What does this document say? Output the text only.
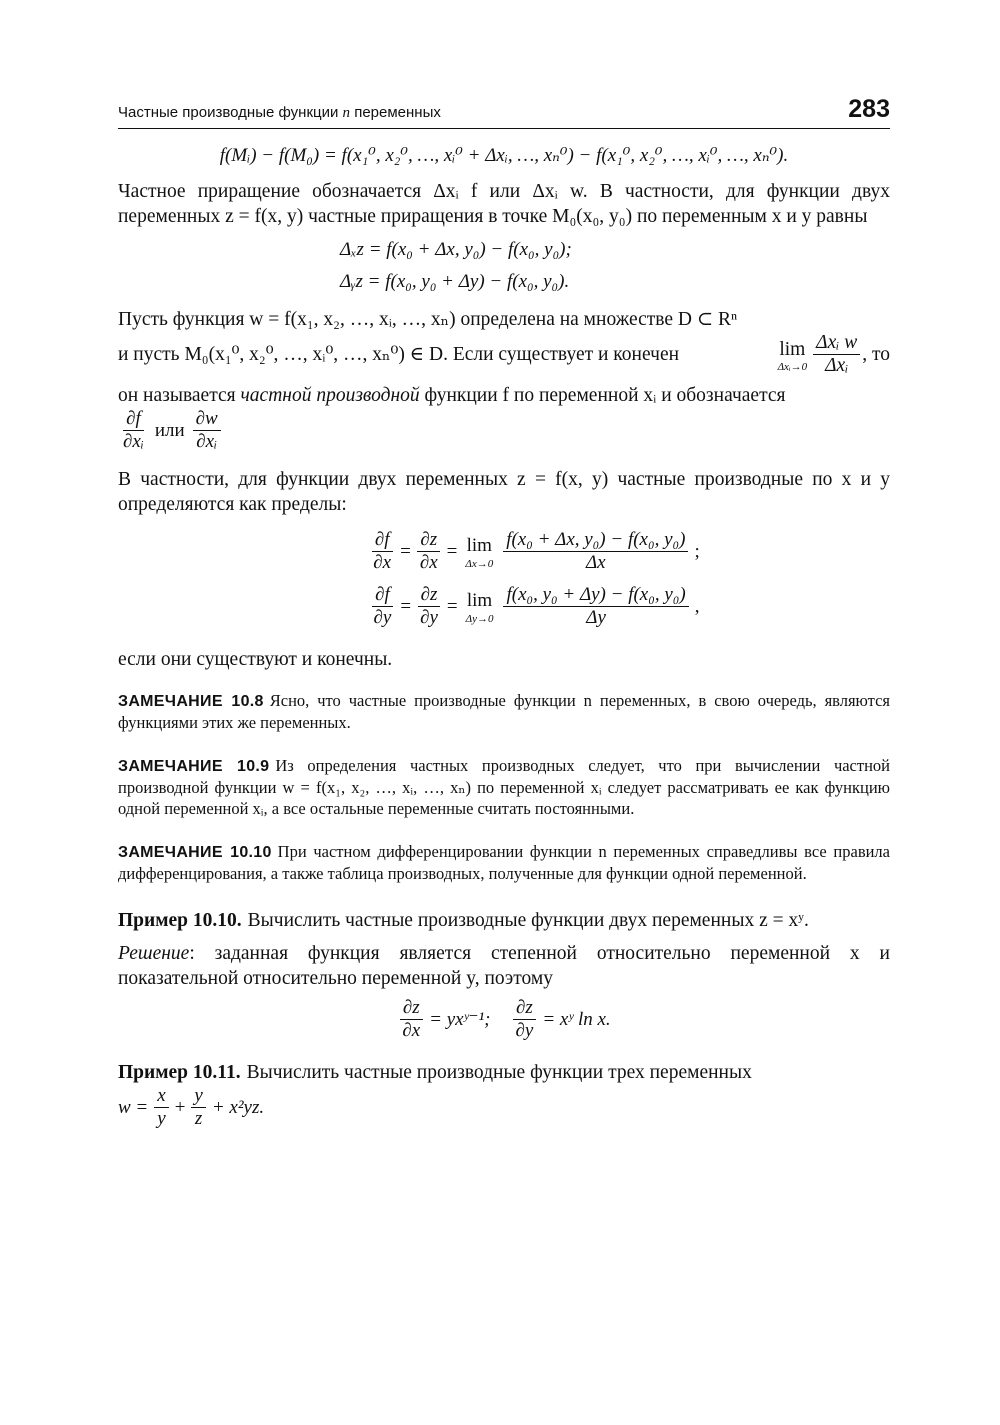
Частные производные функции n переменных	283
f(Mᵢ) − f(M₀) = f(x₁⁰, x₂⁰, …, xᵢ⁰ + Δxᵢ, …, xₙ⁰) − f(x₁⁰, x₂⁰, …, xᵢ⁰, …, xₙ⁰).

Частное приращение обозначается Δxᵢ f или Δxᵢ w. В частности, для функции двух переменных z = f(x, y) частные приращения в точке M₀(x₀, y₀) по переменным x и y равны

Δₓz = f(x₀ + Δx, y₀) − f(x₀, y₀);
Δᵧz = f(x₀, y₀ + Δy) − f(x₀, y₀).

Пусть функция w = f(x₁, x₂, …, xᵢ, …, xₙ) определена на множестве D ⊂ Rⁿ

и пусть M₀(x₁⁰, x₂⁰, …, xᵢ⁰, …, xₙ⁰) ∈ D. Если существует и конечен	lim
Δxᵢ→0 $\frac{\text{Δxᵢ w}}{\text{Δxᵢ}}$ , то

он называется частной производной функции f по переменной xᵢ и обозначается

$\frac{\partial f}{\text{∂xᵢ}}$ или $\frac{\partial w}{\text{∂xᵢ}}$

В частности, для функции двух переменных z = f(x, y) частные производные по x и y определяются как пределы:

$\frac{\partial f}{\partial x} = \frac{\partial z}{\partial x} = \lim$
$\Delta x\to 0 \frac{\text{f(x₀ + Δx, y₀) − f(x₀, y₀)}}{\Delta x}$ ;
$\frac{\partial f}{\partial y} = \frac{\partial z}{\partial y} = \lim$
$\Delta y\to 0 \frac{\text{f(x₀, y₀ + Δy) − f(x₀, y₀)}}{\Delta y}$ ,

если они существуют и конечны.

ЗАМЕЧАНИЕ 10.8 Ясно, что частные производные функции n переменных, в свою очередь, являются функциями этих же переменных.

ЗАМЕЧАНИЕ 10.9 Из определения частных производных следует, что при вычислении частной производной функции w = f(x₁, x₂, …, xᵢ, …, xₙ) по переменной xᵢ следует рассматривать ее как функцию одной переменной xᵢ, а все остальные переменные считать постоянными.

ЗАМЕЧАНИЕ 10.10 При частном дифференцировании функции n переменных справедливы все правила дифференцирования, а также таблица производных, полученные для функции одной переменной.

Пример 10.10. Вычислить частные производные функции двух переменных z = xʸ.

Решение: заданная функция является степенной относительно переменной x и показательной относительно переменной y, поэтому

$\frac{\partial z}{\partial x}$ = yxʸ⁻¹; $\frac{\partial z}{\partial y}$ = xʸ ln x.

Пример 10.11. Вычислить частные производные функции трех переменных

$w = \frac{x}{y} + \frac{y}{z} + x^2yz$.
